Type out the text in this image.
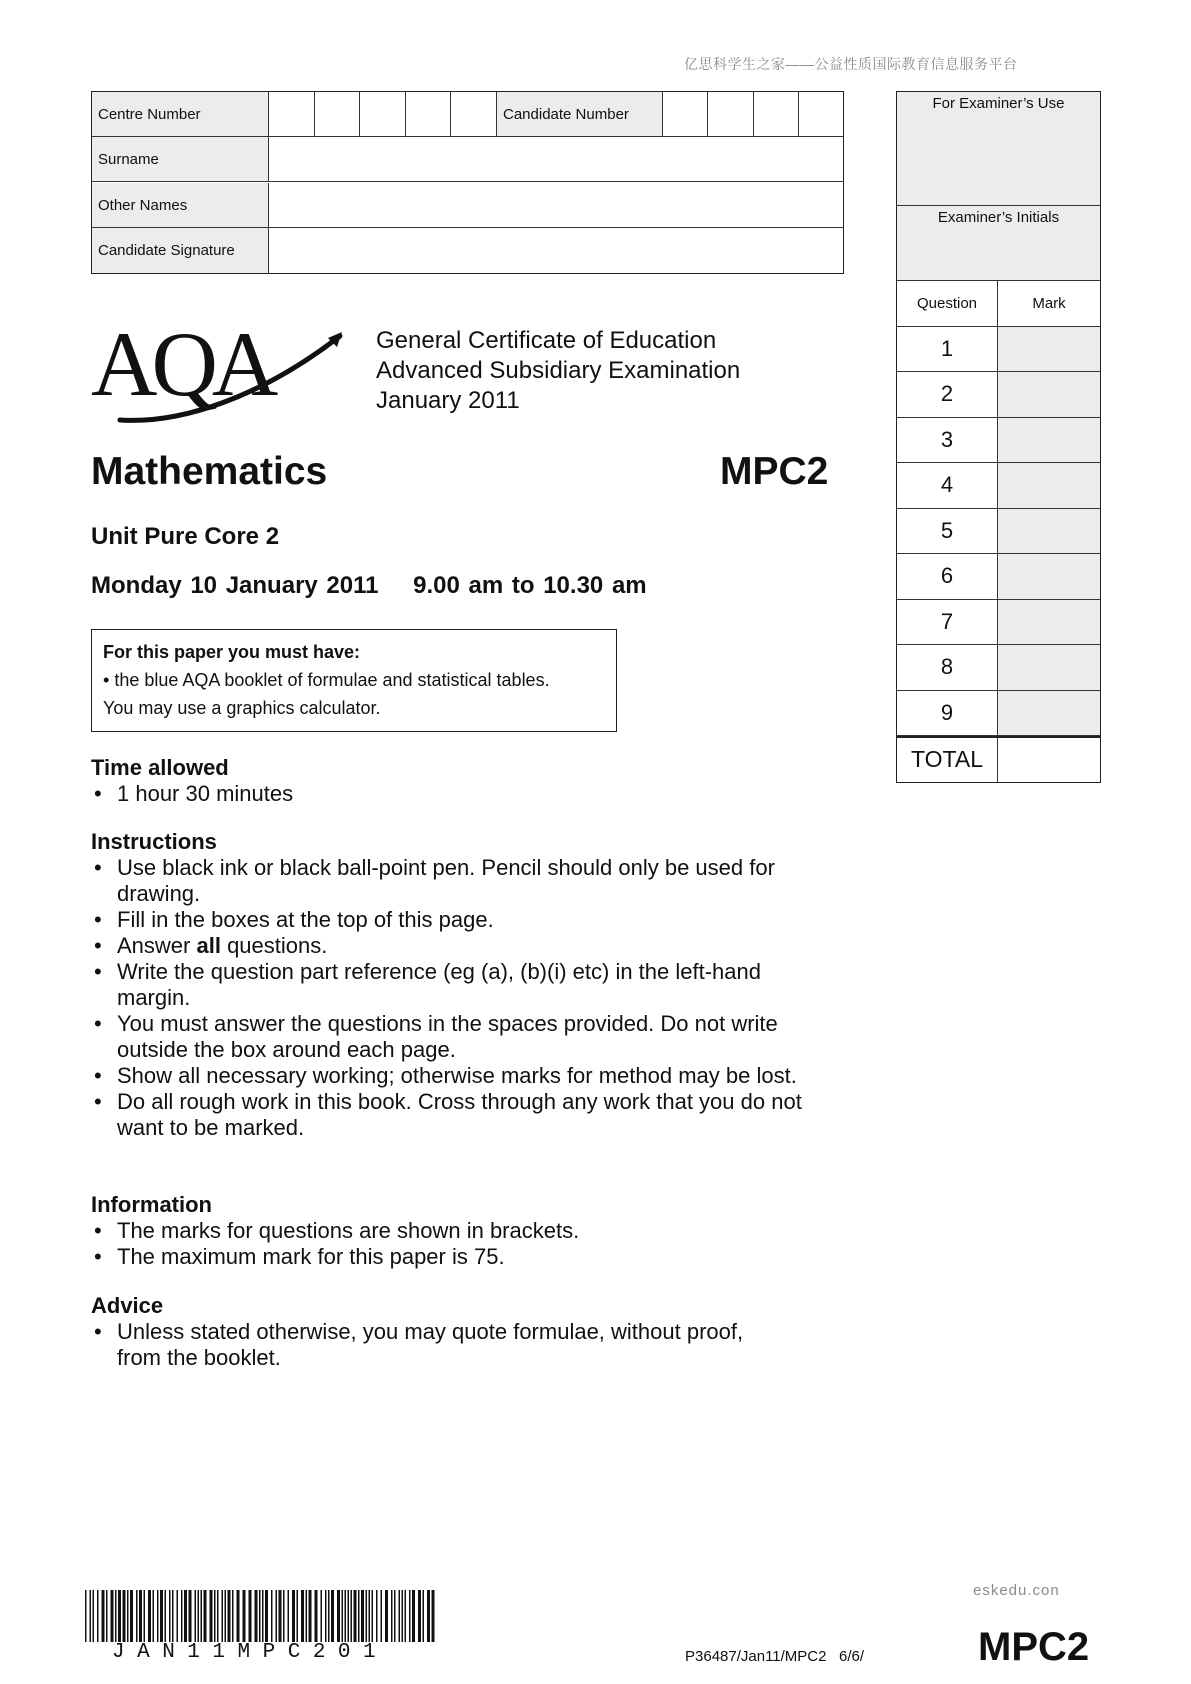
亿思科学生之家——公益性质国际教育信息服务平台
Centre Number	Candidate Number
Surname
Other Names
Candidate Signature
For Examiner’s Use
Examiner’s Initials
Question	Mark
1
2
3
4
5
6
7
8
9
TOTAL
AQA	General Certificate of Education
Advanced Subsidiary Examination
January 2011
Mathematics	MPC2
Unit Pure Core 2
Monday 10 January 2011    9.00 am to 10.30 am
For this paper you must have:
• the blue AQA booklet of formulae and statistical tables.
You may use a graphics calculator.
Time allowed
• 1 hour 30 minutes
Instructions
• Use black ink or black ball-point pen. Pencil should only be used for drawing.
• Fill in the boxes at the top of this page.
• Answer all questions.
• Write the question part reference (eg (a), (b)(i) etc) in the left-hand margin.
• You must answer the questions in the spaces provided. Do not write outside the box around each page.
• Show all necessary working; otherwise marks for method may be lost.
• Do all rough work in this book. Cross through any work that you do not want to be marked.
Information
• The marks for questions are shown in brackets.
• The maximum mark for this paper is 75.
Advice
• Unless stated otherwise, you may quote formulae, without proof, from the booklet.
JAN11MPC201
eskedu.con
P36487/Jan11/MPC2   6/6/	MPC2
